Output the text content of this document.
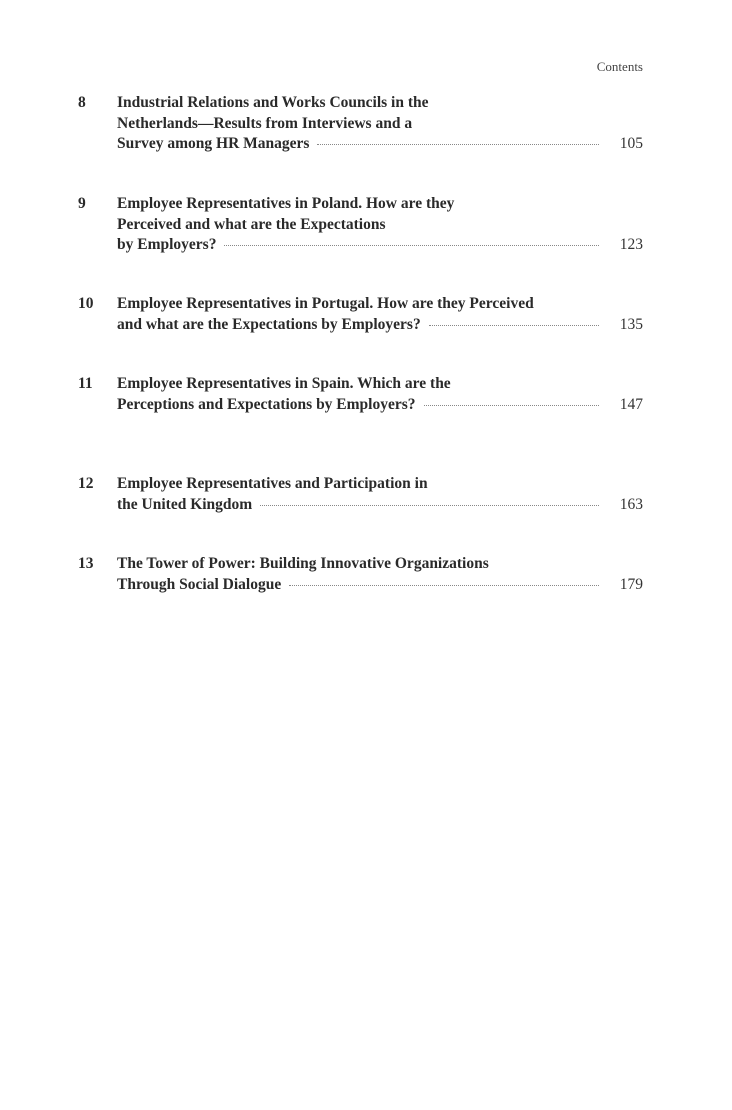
Contents
8	Industrial Relations and Works Councils in the
Netherlands—Results from Interviews and a
Survey among HR Managers	105
9	Employee Representatives in Poland. How are they
Perceived and what are the Expectations
by Employers?	123
10	Employee Representatives in Portugal. How are they Perceived
and what are the Expectations by Employers?	135
11	Employee Representatives in Spain. Which are the
Perceptions and Expectations by Employers?	147
12	Employee Representatives and Participation in
the United Kingdom	163
13	The Tower of Power: Building Innovative Organizations
Through Social Dialogue	179
